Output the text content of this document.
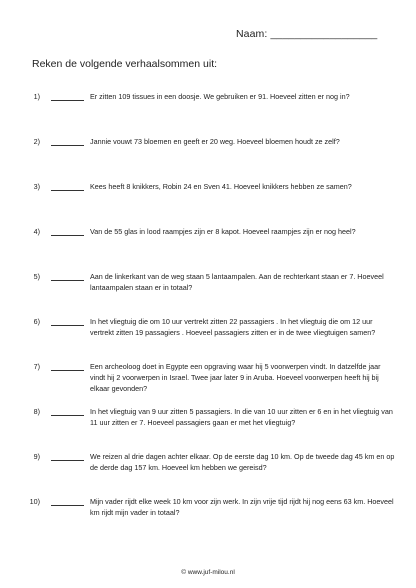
Naam: __________________
Reken de volgende verhaalsommen uit:
1)	Er zitten 109 tissues in een doosje. We gebruiken er 91. Hoeveel zitten er nog in?
2)	Jannie vouwt 73 bloemen en geeft er 20 weg. Hoeveel bloemen houdt ze zelf?
3)	Kees heeft 8 knikkers, Robin 24 en Sven 41. Hoeveel knikkers hebben ze samen?
4)	Van de 55 glas in lood raampjes zijn er 8 kapot. Hoeveel raampjes zijn er nog heel?
5)	Aan de linkerkant van de weg staan 5 lantaampalen. Aan de rechterkant staan er 7. Hoeveel lantaampalen staan er in totaal?
6)	In het vliegtuig die om 10 uur vertrekt zitten 22 passagiers . In het vliegtuig die om 12 uur vertrekt zitten 19 passagiers . Hoeveel passagiers zitten er in de twee vliegtuigen samen?
7)	Een archeoloog doet in Egypte een opgraving waar hij 5 voorwerpen vindt. In datzelfde jaar vindt hij 2 voorwerpen in Israel. Twee jaar later 9 in Aruba. Hoeveel voorwerpen heeft hij bij elkaar gevonden?
8)	In het vliegtuig van 9 uur zitten 5 passagiers. In die van 10 uur zitten er 6 en in het vliegtuig van 11 uur zitten er 7. Hoeveel passagiers gaan er met het vliegtuig?
9)	We reizen al drie dagen achter elkaar. Op de eerste dag 10 km. Op de tweede dag 45 km en op de derde dag 157 km. Hoeveel km hebben we gereisd?
10)	Mijn vader rijdt elke week 10 km voor zijn werk. In zijn vrije tijd rijdt hij nog eens 63 km. Hoeveel km rijdt mijn vader in totaal?
© www.juf-milou.nl
